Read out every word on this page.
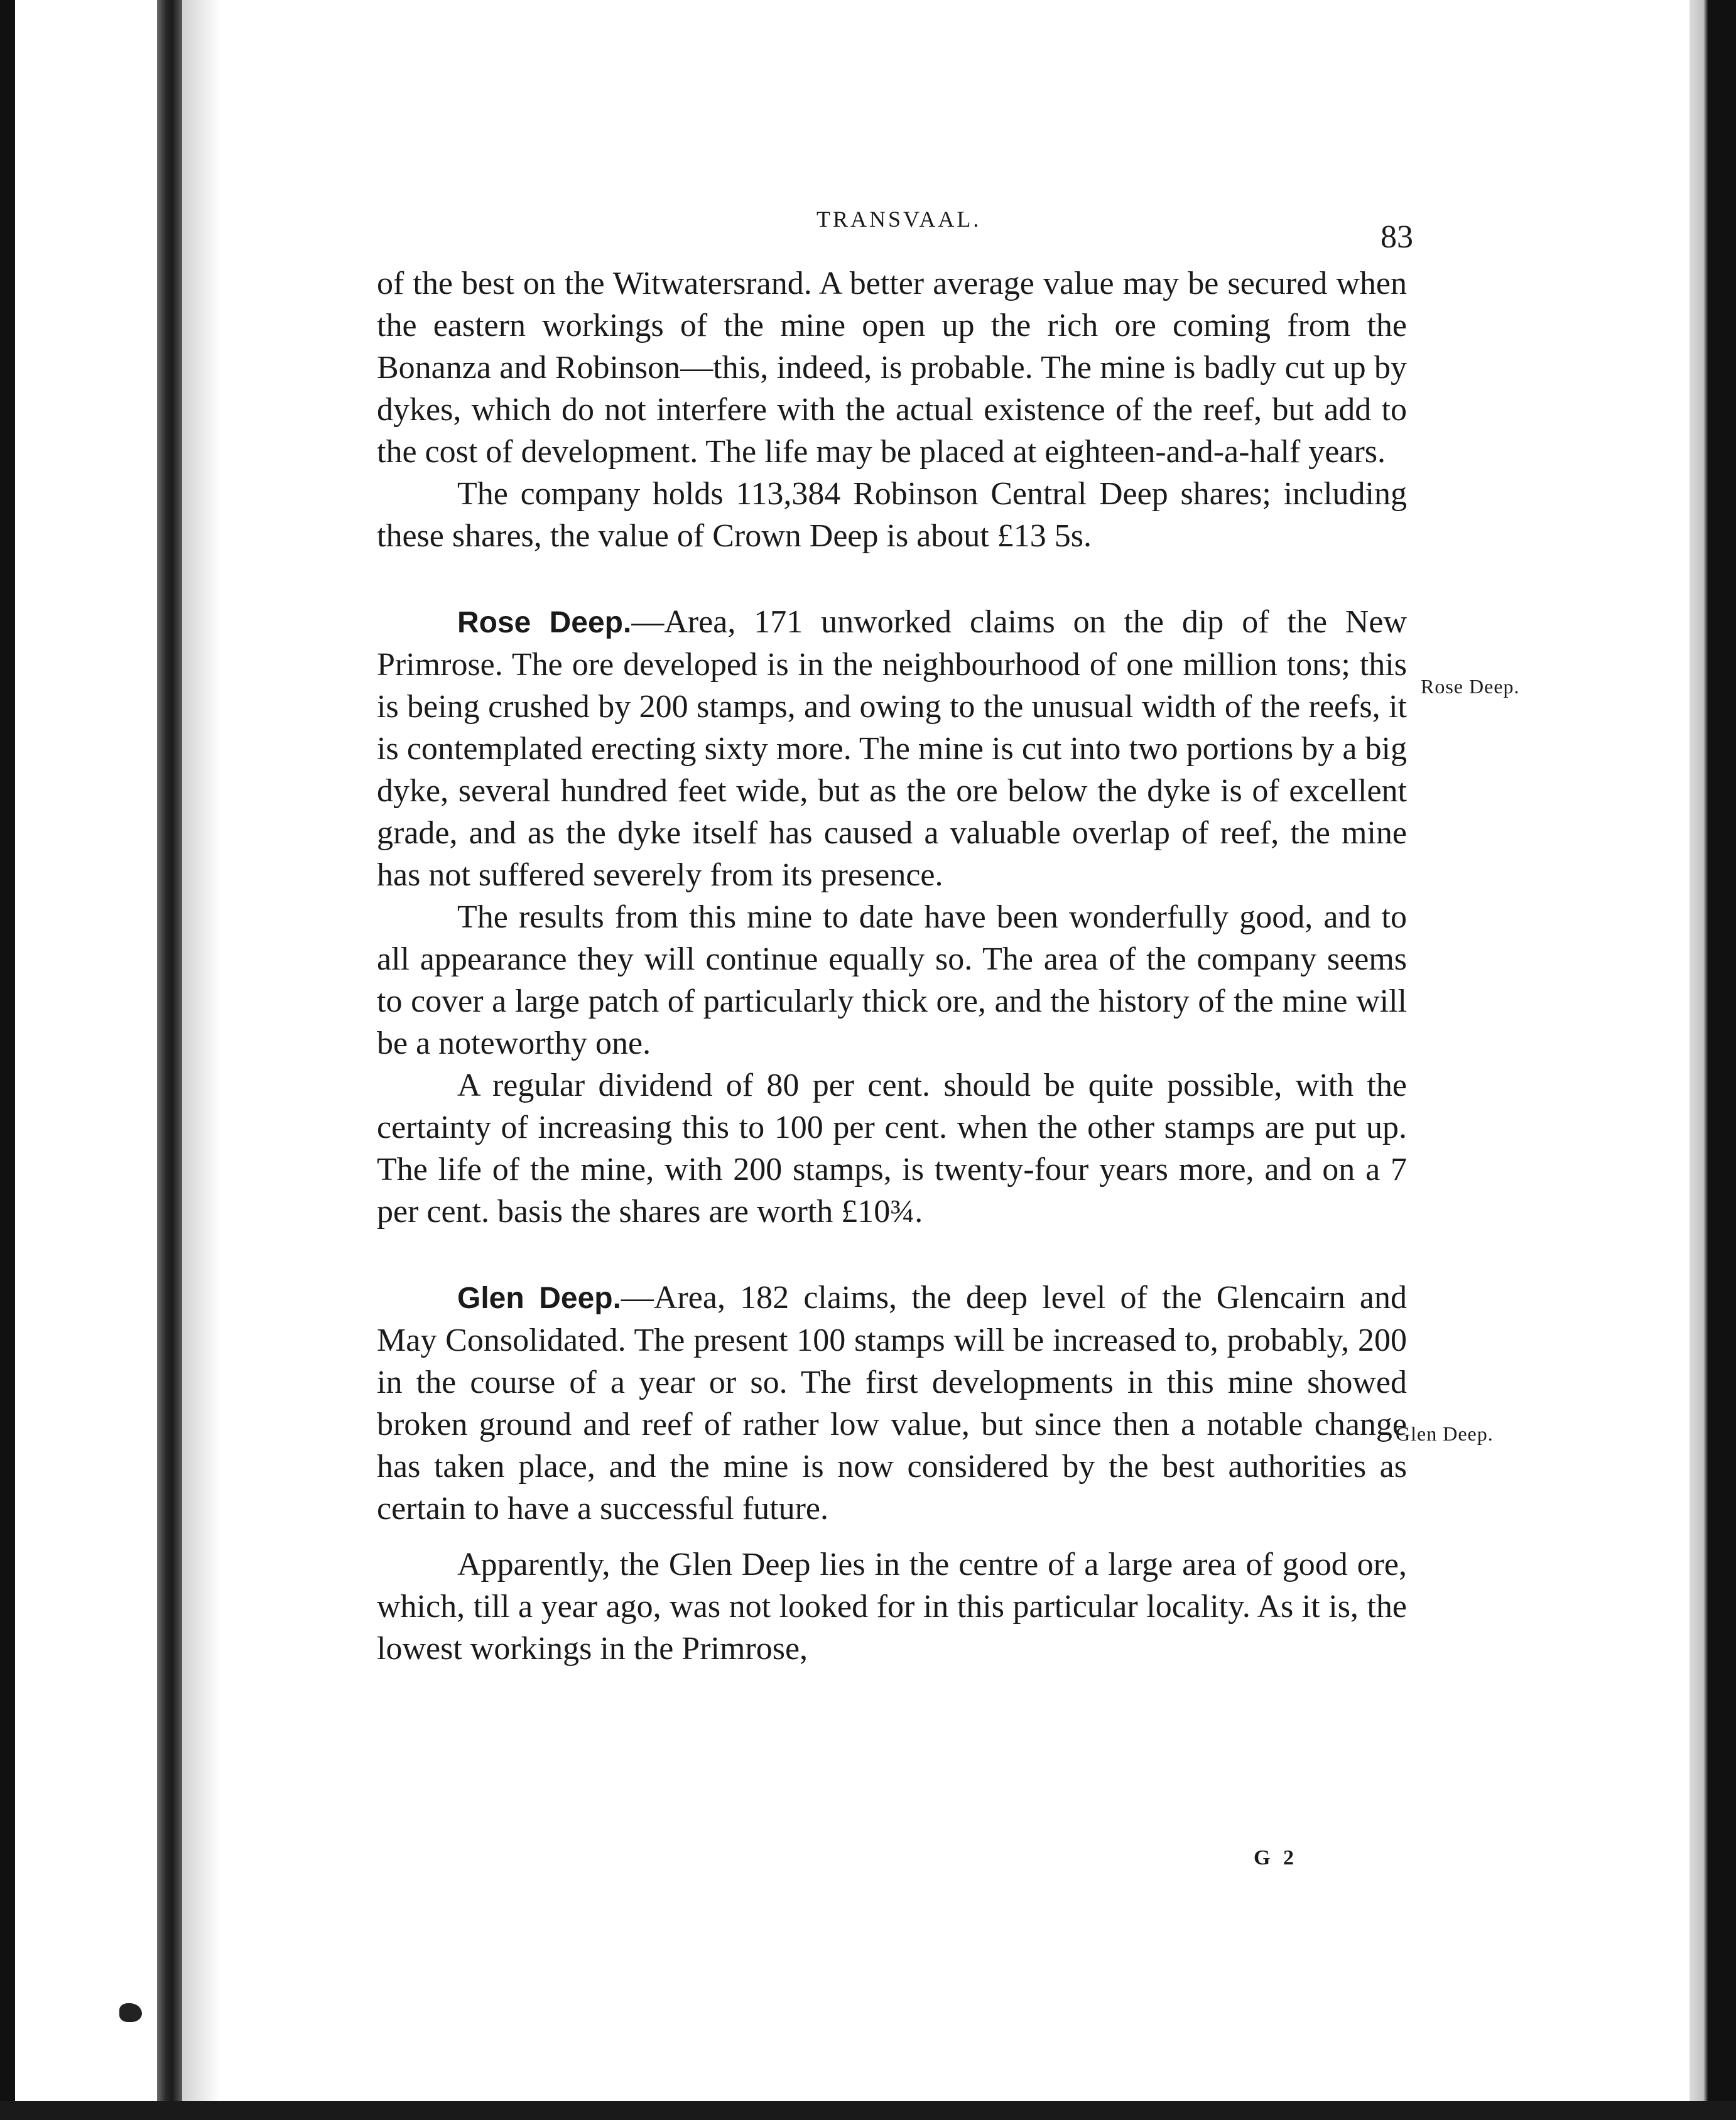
TRANSVAAL.	83

of the best on the Witwatersrand. A better average value may be secured when the eastern workings of the mine open up the rich ore coming from the Bonanza and Robinson—this, indeed, is probable. The mine is badly cut up by dykes, which do not interfere with the actual existence of the reef, but add to the cost of development. The life may be placed at eighteen-and-a-half years.

The company holds 113,384 Robinson Central Deep shares; including these shares, the value of Crown Deep is about £13 5s.

Rose Deep.—Area, 171 unworked claims on the dip of the New Primrose. The ore developed is in the neighbourhood of one million tons; this is being crushed by 200 stamps, and owing to the unusual width of the reefs, it is contemplated erecting sixty more. The mine is cut into two portions by a big dyke, several hundred feet wide, but as the ore below the dyke is of excellent grade, and as the dyke itself has caused a valuable overlap of reef, the mine has not suffered severely from its presence.

The results from this mine to date have been wonderfully good, and to all appearance they will continue equally so. The area of the company seems to cover a large patch of particularly thick ore, and the history of the mine will be a noteworthy one.

A regular dividend of 80 per cent. should be quite possible, with the certainty of increasing this to 100 per cent. when the other stamps are put up. The life of the mine, with 200 stamps, is twenty-four years more, and on a 7 per cent. basis the shares are worth £10¾.

Glen Deep.—Area, 182 claims, the deep level of the Glencairn and May Consolidated. The present 100 stamps will be increased to, probably, 200 in the course of a year or so. The first developments in this mine showed broken ground and reef of rather low value, but since then a notable change has taken place, and the mine is now considered by the best authorities as certain to have a successful future.

Apparently, the Glen Deep lies in the centre of a large area of good ore, which, till a year ago, was not looked for in this particular locality. As it is, the lowest workings in the Primrose,

Rose Deep.
Glen Deep.
G 2
